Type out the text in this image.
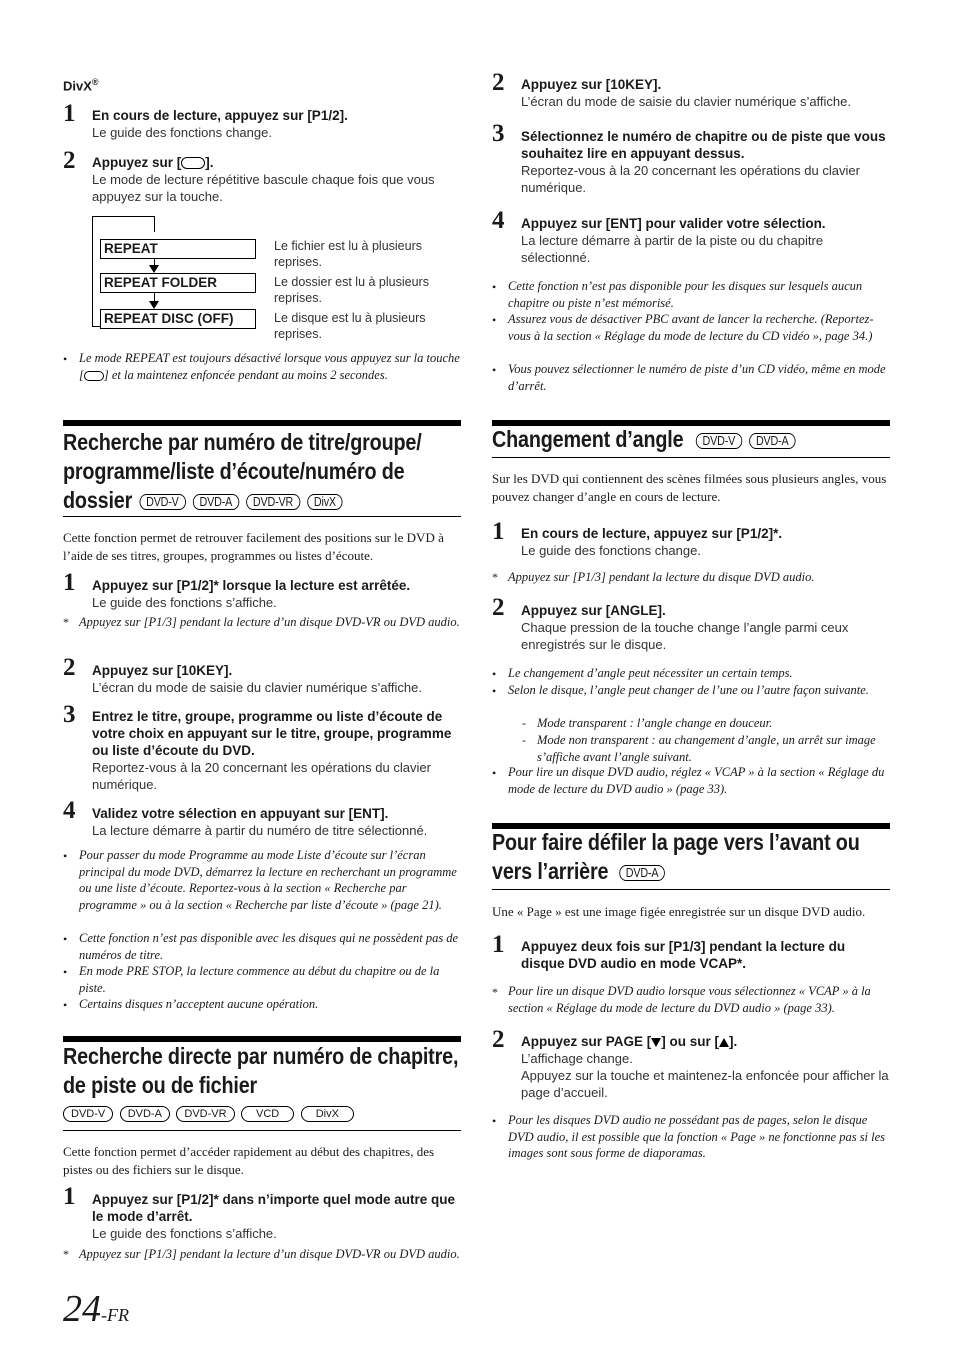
DivX®
1 En cours de lecture, appuyez sur [P1/2].
Le guide des fonctions change.
2 Appuyez sur [ ].
Le mode de lecture répétitive bascule chaque fois que vous appuyez sur la touche.
REPEAT	Le fichier est lu à plusieurs reprises.
REPEAT FOLDER	Le dossier est lu à plusieurs reprises.
REPEAT DISC (OFF)	Le disque est lu à plusieurs reprises.
• Le mode REPEAT est toujours désactivé lorsque vous appuyez sur la touche [ ] et la maintenez enfoncée pendant au moins 2 secondes.
Recherche par numéro de titre/groupe/ programme/liste d’écoute/numéro de dossier DVD-V DVD-A DVD-VR DivX
Cette fonction permet de retrouver facilement des positions sur le DVD à l’aide de ses titres, groupes, programmes ou listes d’écoute.
1 Appuyez sur [P1/2]* lorsque la lecture est arrêtée.
Le guide des fonctions s’affiche.
* Appuyez sur [P1/3] pendant la lecture d’un disque DVD-VR ou DVD audio.
2 Appuyez sur [10KEY].
L’écran du mode de saisie du clavier numérique s’affiche.
3 Entrez le titre, groupe, programme ou liste d’écoute de votre choix en appuyant sur le titre, groupe, programme ou liste d’écoute du DVD.
Reportez-vous à la 20 concernant les opérations du clavier numérique.
4 Validez votre sélection en appuyant sur [ENT].
La lecture démarre à partir du numéro de titre sélectionné.
• Pour passer du mode Programme au mode Liste d’écoute sur l’écran principal du mode DVD, démarrez la lecture en recherchant un programme ou une liste d’écoute. Reportez-vous à la section « Recherche par programme » ou à la section « Recherche par liste d’écoute » (page 21).
• Cette fonction n’est pas disponible avec les disques qui ne possèdent pas de numéros de titre.
• En mode PRE STOP, la lecture commence au début du chapitre ou de la piste.
• Certains disques n’acceptent aucune opération.
Recherche directe par numéro de chapitre, de piste ou de fichier
DVD-V DVD-A DVD-VR	VCD	DivX
Cette fonction permet d’accéder rapidement au début des chapitres, des pistes ou des fichiers sur le disque.
1 Appuyez sur [P1/2]* dans n’importe quel mode autre que le mode d’arrêt.
Le guide des fonctions s’affiche.
* Appuyez sur [P1/3] pendant la lecture d’un disque DVD-VR ou DVD audio.
24-FR
2 Appuyez sur [10KEY].
L’écran du mode de saisie du clavier numérique s’affiche.
3 Sélectionnez le numéro de chapitre ou de piste que vous souhaitez lire en appuyant dessus.
Reportez-vous à la 20 concernant les opérations du clavier numérique.
4 Appuyez sur [ENT] pour valider votre sélection.
La lecture démarre à partir de la piste ou du chapitre sélectionné.
• Cette fonction n’est pas disponible pour les disques sur lesquels aucun chapitre ou piste n’est mémorisé.
• Assurez vous de désactiver PBC avant de lancer la recherche. (Reportez-vous à la section « Réglage du mode de lecture du CD vidéo », page 34.)
• Vous pouvez sélectionner le numéro de piste d’un CD vidéo, même en mode d’arrêt.
Changement d’angle DVD-V DVD-A
Sur les DVD qui contiennent des scènes filmées sous plusieurs angles, vous pouvez changer d’angle en cours de lecture.
1 En cours de lecture, appuyez sur [P1/2]*.
Le guide des fonctions change.
* Appuyez sur [P1/3] pendant la lecture du disque DVD audio.
2 Appuyez sur [ANGLE].
Chaque pression de la touche change l’angle parmi ceux enregistrés sur le disque.
• Le changement d’angle peut nécessiter un certain temps.
• Selon le disque, l’angle peut changer de l’une ou l’autre façon suivante.
- Mode transparent : l’angle change en douceur.
- Mode non transparent : au changement d’angle, un arrêt sur image s’affiche avant l’angle suivant.
• Pour lire un disque DVD audio, réglez « VCAP » à la section « Réglage du mode de lecture du DVD audio » (page 33).
Pour faire défiler la page vers l’avant ou vers l’arrière DVD-A
Une « Page » est une image figée enregistrée sur un disque DVD audio.
1 Appuyez deux fois sur [P1/3] pendant la lecture du disque DVD audio en mode VCAP*.
* Pour lire un disque DVD audio lorsque vous sélectionnez « VCAP » à la section « Réglage du mode de lecture du DVD audio » (page 33).
2 Appuyez sur PAGE [ ] ou sur [ ].
L’affichage change.
Appuyez sur la touche et maintenez-la enfoncée pour afficher la page d’accueil.
• Pour les disques DVD audio ne possédant pas de pages, selon le disque DVD audio, il est possible que la fonction « Page » ne fonctionne pas si les images sont sous forme de diaporamas.
